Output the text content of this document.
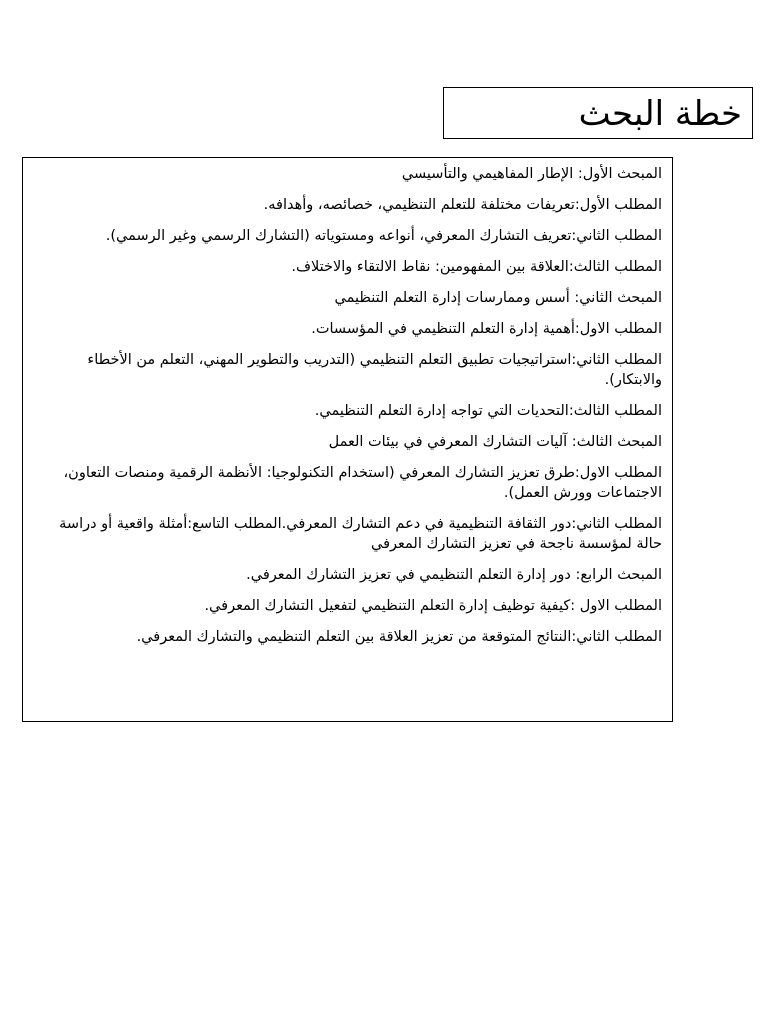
خطة البحث

المبحث الأول: الإطار المفاهيمي والتأسيسي

المطلب الأول:تعريفات مختلفة للتعلم التنظيمي، خصائصه، وأهدافه.

المطلب الثاني:تعريف التشارك المعرفي، أنواعه ومستوياته (التشارك الرسمي وغير الرسمي).

المطلب الثالث:العلاقة بين المفهومين: نقاط الالتقاء والاختلاف.

المبحث الثاني: أسس وممارسات إدارة التعلم التنظيمي

المطلب الاول:أهمية إدارة التعلم التنظيمي في المؤسسات.

المطلب الثاني:استراتيجيات تطبيق التعلم التنظيمي (التدريب والتطوير المهني، التعلم من الأخطاء والابتكار).

المطلب الثالث:التحديات التي تواجه إدارة التعلم التنظيمي.

المبحث الثالث: آليات التشارك المعرفي في بيئات العمل

المطلب الاول:طرق تعزيز التشارك المعرفي (استخدام التكنولوجيا: الأنظمة الرقمية ومنصات التعاون، الاجتماعات وورش العمل).

المطلب الثاني:دور الثقافة التنظيمية في دعم التشارك المعرفي.المطلب التاسع:أمثلة واقعية أو دراسة حالة لمؤسسة ناجحة في تعزيز التشارك المعرفي

المبحث الرابع: دور إدارة التعلم التنظيمي في تعزيز التشارك المعرفي.

المطلب الاول :كيفية توظيف إدارة التعلم التنظيمي لتفعيل التشارك المعرفي.

المطلب الثاني:النتائج المتوقعة من تعزيز العلاقة بين التعلم التنظيمي والتشارك المعرفي.
